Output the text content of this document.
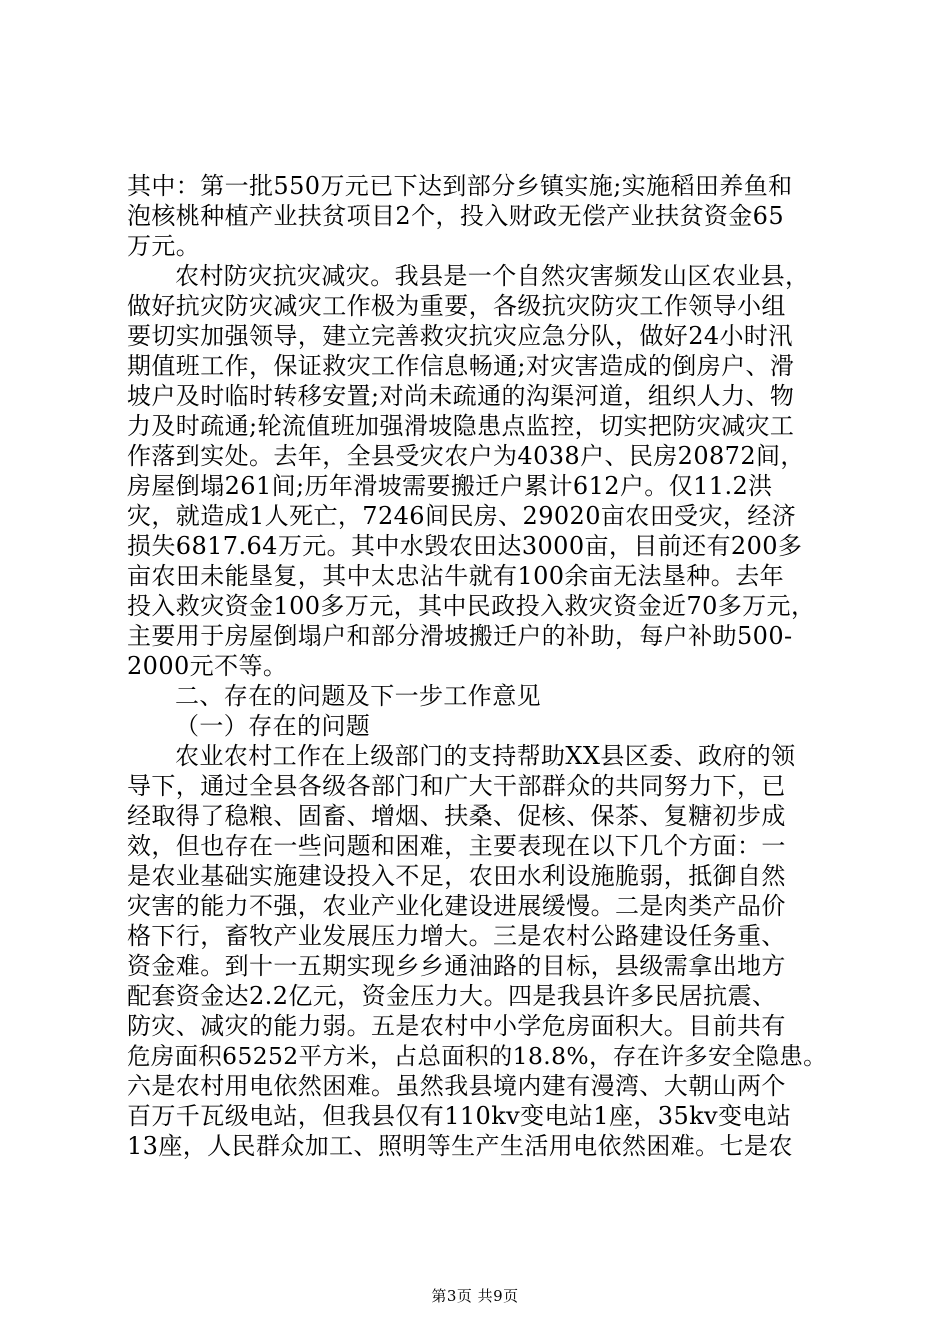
其中：第一批550万元已下达到部分乡镇实施;实施稻田养鱼和
泡核桃种植产业扶贫项目2个，投入财政无偿产业扶贫资金65
万元。
农村防灾抗灾减灾。我县是一个自然灾害频发山区农业县，
做好抗灾防灾减灾工作极为重要，各级抗灾防灾工作领导小组
要切实加强领导，建立完善救灾抗灾应急分队，做好24小时汛
期值班工作，保证救灾工作信息畅通;对灾害造成的倒房户、滑
坡户及时临时转移安置;对尚未疏通的沟渠河道，组织人力、物
力及时疏通;轮流值班加强滑坡隐患点监控，切实把防灾减灾工
作落到实处。去年，全县受灾农户为4038户、民房20872间，
房屋倒塌261间;历年滑坡需要搬迁户累计612户。仅11.2洪
灾，就造成1人死亡，7246间民房、29020亩农田受灾，经济
损失6817.64万元。其中水毁农田达3000亩，目前还有200多
亩农田未能垦复，其中太忠沾牛就有100余亩无法垦种。去年
投入救灾资金100多万元，其中民政投入救灾资金近70多万元，
主要用于房屋倒塌户和部分滑坡搬迁户的补助，每户补助500-
2000元不等。
二、存在的问题及下一步工作意见
（一）存在的问题
农业农村工作在上级部门的支持帮助XX县区委、政府的领
导下，通过全县各级各部门和广大干部群众的共同努力下，已
经取得了稳粮、固畜、增烟、扶桑、促核、保茶、复糖初步成
效，但也存在一些问题和困难，主要表现在以下几个方面：一
是农业基础实施建设投入不足，农田水利设施脆弱，抵御自然
灾害的能力不强，农业产业化建设进展缓慢。二是肉类产品价
格下行，畜牧产业发展压力增大。三是农村公路建设任务重、
资金难。到十一五期实现乡乡通油路的目标，县级需拿出地方
配套资金达2.2亿元，资金压力大。四是我县许多民居抗震、
防灾、减灾的能力弱。五是农村中小学危房面积大。目前共有
危房面积65252平方米，占总面积的18.8%，存在许多安全隐患。
六是农村用电依然困难。虽然我县境内建有漫湾、大朝山两个
百万千瓦级电站，但我县仅有110kv变电站1座，35kv变电站
13座，人民群众加工、照明等生产生活用电依然困难。七是农
第3页 共9页
